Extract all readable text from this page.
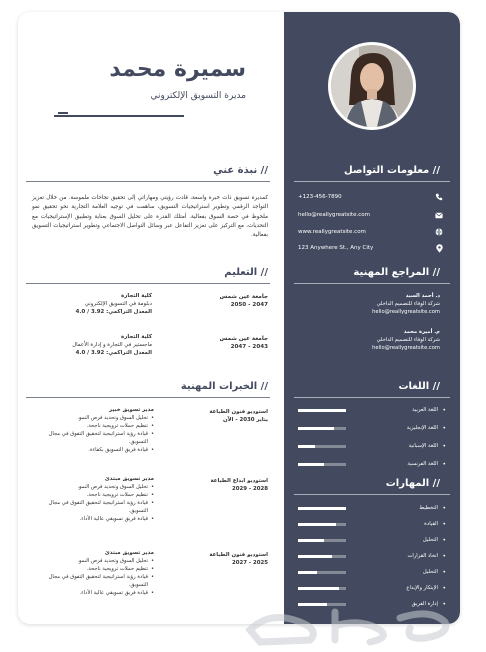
// معلومات التواصل
+123-456-7890
hello@reallygreatsite.com
www.reallygreatsite.com
123 Anywhere St., Any City
// المراجع المهنية
د. أحمد السيد
شركة الوفاء للتصميم الداخلي
hello@reallygreatsite.com
م. أميرة محمد
شركة الوفاء للتصميم الداخلي
hello@reallygreatsite.com
// اللغات
اللغة العربية •
اللغة الإنجليزية •
اللغة الإسبانية •
اللغة الفرنسية •
// المهارات
التخطيط •
القيادة •
التحليل •
اتخاذ القرارات •
التحليل •
الإبتكار والإبداع •
إدارة الفريق •
سميرة محمد
مديرة التسويق الإلكتروني
// نبذة عني
كمديرة تسويق ذات خبرة واسعة، قادت رؤيتي ومهاراتي إلى تحقيق نجاحات ملموسة. من خلال تعزيز التواجد الرقمي وتطوير استراتيجيات التسويق، ساهمت في توجيه العلامة التجارية نحو تحقيق نمو ملحوظ في حصة السوق بفعالية. أمتلك القدرة على تحليل السوق بعناية وتطبيق الإستراتيجيات مع التحديات، مع التركيز على تعزيز التفاعل عبر وسائل التواصل الاجتماعي وتطوير استراتيجيات التسويق بفعالية.
// التعليم
جامعة عين شمس
2047 - 2050
كلية التجارة
دبلومة في التسويق الإلكتروني
المعدل التراكمي: 3.92 / 4.0
جامعة عين شمس
2043 - 2047
كلية التجارة
ماجستير في التجارة و إدارة الأعمال
المعدل التراكمي: 3.92 / 4.0
// الخبرات المهنية
استوديو فنون الطباعة
يناير 2030 - الآن
مدير تسويق خبير
• تحليل السوق وتحديد فرص النمو.
• تنظيم حملات ترويجية ناجحة.
• قيادة رؤية استراتيجية لتحقيق التفوق في مجال التسويق.
• قيادة فريق التسويق بكفاءة.
استوديو ابداع الطباعة
2028 - 2029
مدير تسويق مبتدئ
• تحليل السوق وتحديد فرص النمو.
• تنظيم حملات ترويجية ناجحة.
• قيادة رؤية استراتيجية لتحقيق التفوق في مجال التسويق.
• قيادة فريق تسويقي عالية الأداء.
استوديو فنون الطباعة
2025 - 2027
مدير تسويق مبتدئ
• تحليل السوق وتحديد فرص النمو.
• تنظيم حملات ترويجية ناجحة.
• قيادة رؤية استراتيجية لتحقيق التفوق في مجال التسويق.
• قيادة فريق تسويقي عالية الأداء.
